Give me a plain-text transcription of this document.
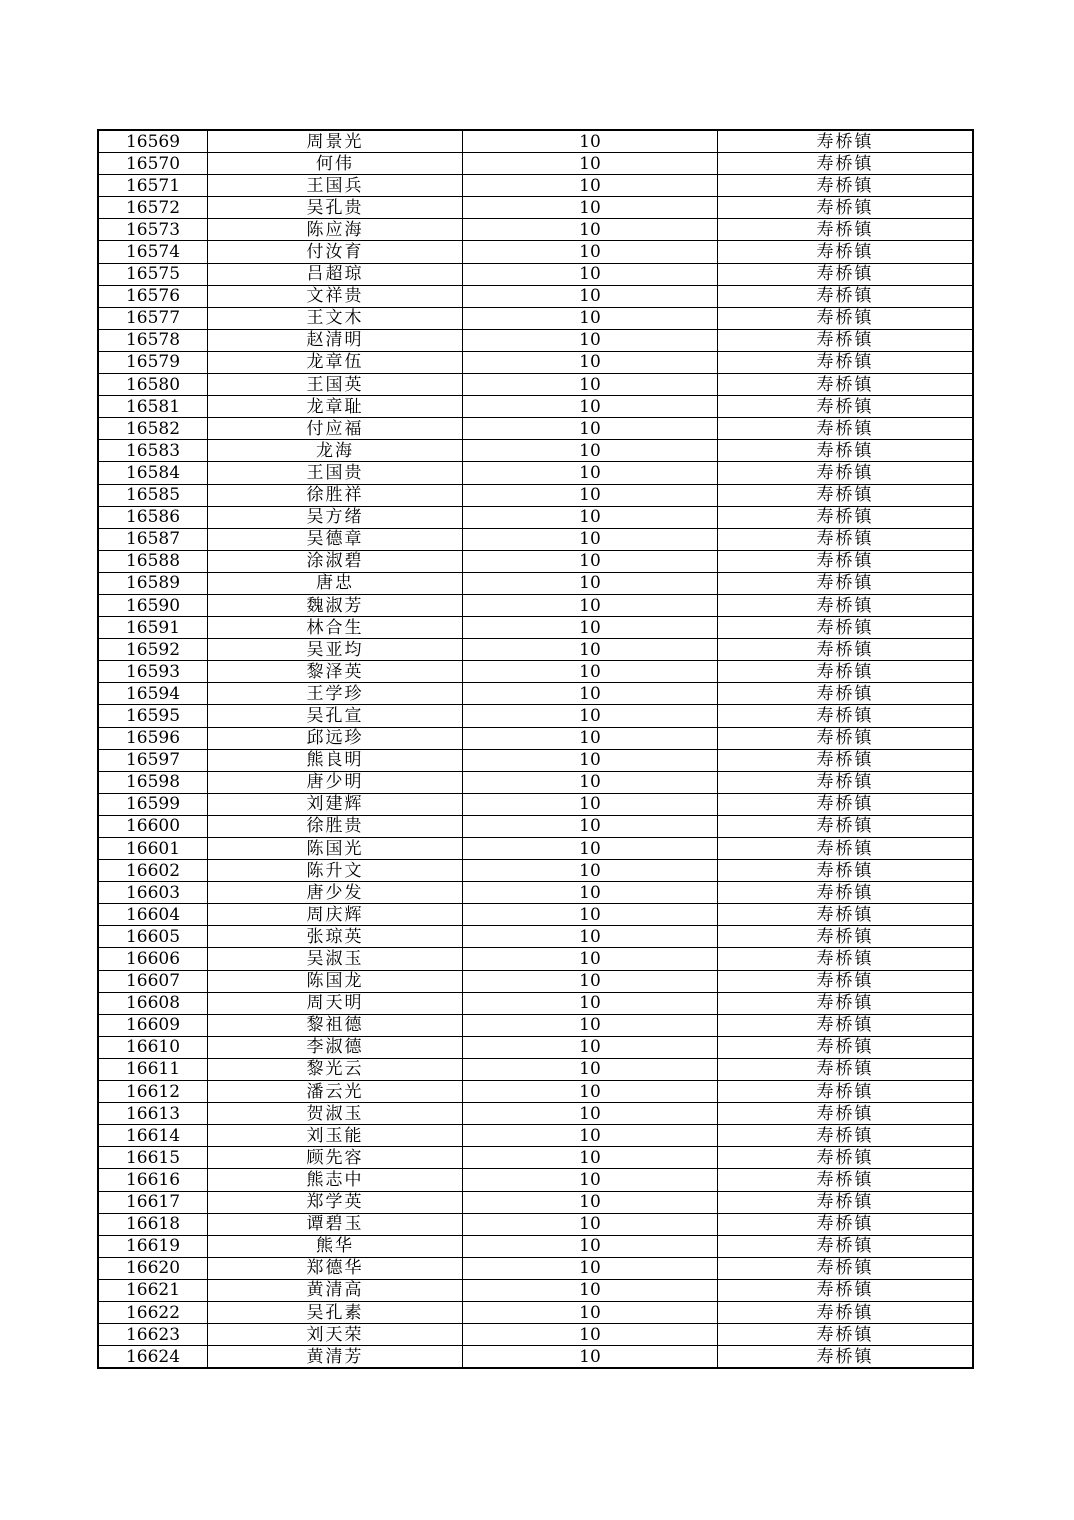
16569	周景光	10	寿桥镇
16570	何伟	10	寿桥镇
16571	王国兵	10	寿桥镇
16572	吴孔贵	10	寿桥镇
16573	陈应海	10	寿桥镇
16574	付汝育	10	寿桥镇
16575	吕超琼	10	寿桥镇
16576	文祥贵	10	寿桥镇
16577	王文木	10	寿桥镇
16578	赵清明	10	寿桥镇
16579	龙章伍	10	寿桥镇
16580	王国英	10	寿桥镇
16581	龙章耻	10	寿桥镇
16582	付应福	10	寿桥镇
16583	龙海	10	寿桥镇
16584	王国贵	10	寿桥镇
16585	徐胜祥	10	寿桥镇
16586	吴方绪	10	寿桥镇
16587	吴德章	10	寿桥镇
16588	涂淑碧	10	寿桥镇
16589	唐忠	10	寿桥镇
16590	魏淑芳	10	寿桥镇
16591	林合生	10	寿桥镇
16592	吴亚均	10	寿桥镇
16593	黎泽英	10	寿桥镇
16594	王学珍	10	寿桥镇
16595	吴孔宣	10	寿桥镇
16596	邱远珍	10	寿桥镇
16597	熊良明	10	寿桥镇
16598	唐少明	10	寿桥镇
16599	刘建辉	10	寿桥镇
16600	徐胜贵	10	寿桥镇
16601	陈国光	10	寿桥镇
16602	陈升文	10	寿桥镇
16603	唐少发	10	寿桥镇
16604	周庆辉	10	寿桥镇
16605	张琼英	10	寿桥镇
16606	吴淑玉	10	寿桥镇
16607	陈国龙	10	寿桥镇
16608	周天明	10	寿桥镇
16609	黎祖德	10	寿桥镇
16610	李淑德	10	寿桥镇
16611	黎光云	10	寿桥镇
16612	潘云光	10	寿桥镇
16613	贺淑玉	10	寿桥镇
16614	刘玉能	10	寿桥镇
16615	顾先容	10	寿桥镇
16616	熊志中	10	寿桥镇
16617	郑学英	10	寿桥镇
16618	谭碧玉	10	寿桥镇
16619	熊华	10	寿桥镇
16620	郑德华	10	寿桥镇
16621	黄清高	10	寿桥镇
16622	吴孔素	10	寿桥镇
16623	刘天荣	10	寿桥镇
16624	黄清芳	10	寿桥镇
